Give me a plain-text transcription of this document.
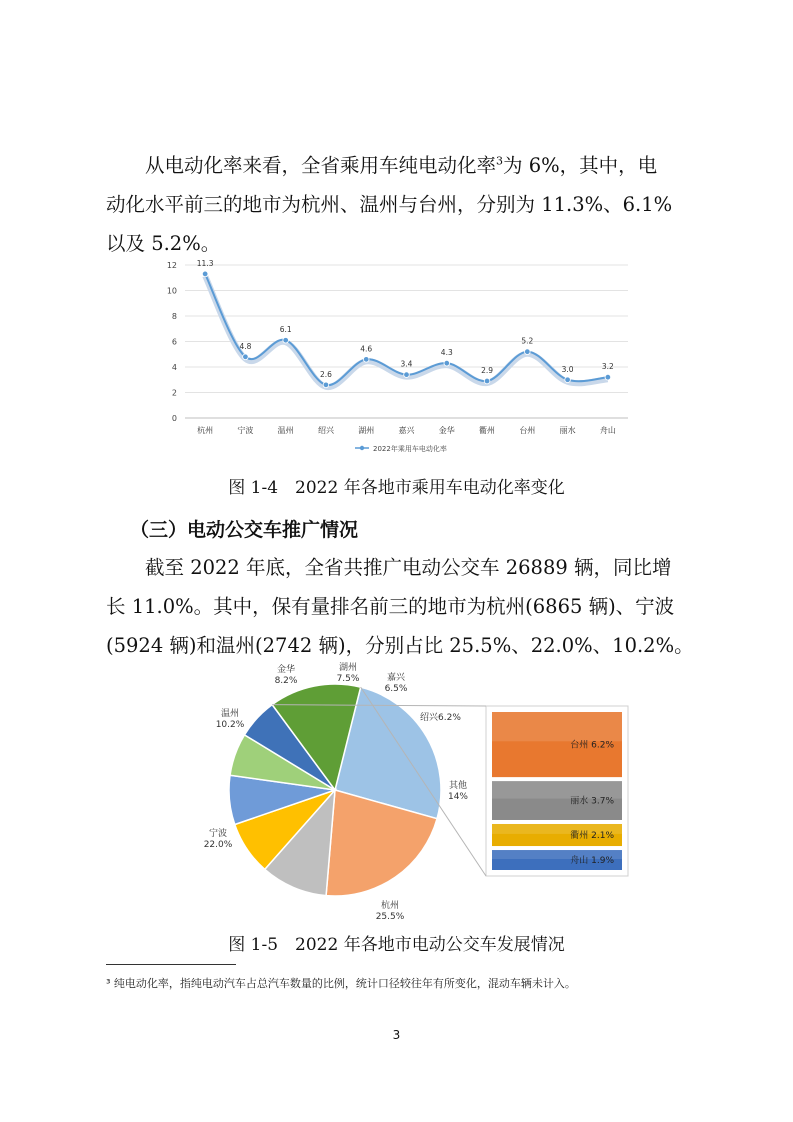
从电动化率来看，全省乘用车纯电动化率$^3$为 6%，其中，电
动化水平前三的地市为杭州、温州与台州，分别为 11.3%、6.1%
以及 5.2%。
0
2
4
6
8
10
12
杭州	宁波	温州	绍兴	湖州	嘉兴	金华	衢州	台州	丽水	舟山
11.3
4.8
6.1
2.6
4.6
3.4
4.3
2.9
5.2
3.0	3.2
2022年乘用车电动化率
图 1-4　2022 年各地市乘用车电动化率变化
（三）电动公交车推广情况
截至 2022 年底，全省共推广电动公交车 26889 辆，同比增
长 11.0%。其中，保有量排名前三的地市为杭州(6865 辆)、宁波
(5924 辆)和温州(2742 辆)，分别占比 25.5%、22.0%、10.2%。
杭州
25.5%
宁波
22.0%
温州
10.2%
金华
8.2%
湖州
7.5%	嘉兴
6.5%
绍兴6.2%
其他
14%
台州 6.2%
丽水 3.7%
衢州 2.1%
舟山 1.9%
图 1-5　2022 年各地市电动公交车发展情况
³ 纯电动化率，指纯电动汽车占总汽车数量的比例，统计口径较往年有所变化，混动车辆未计入。
3
